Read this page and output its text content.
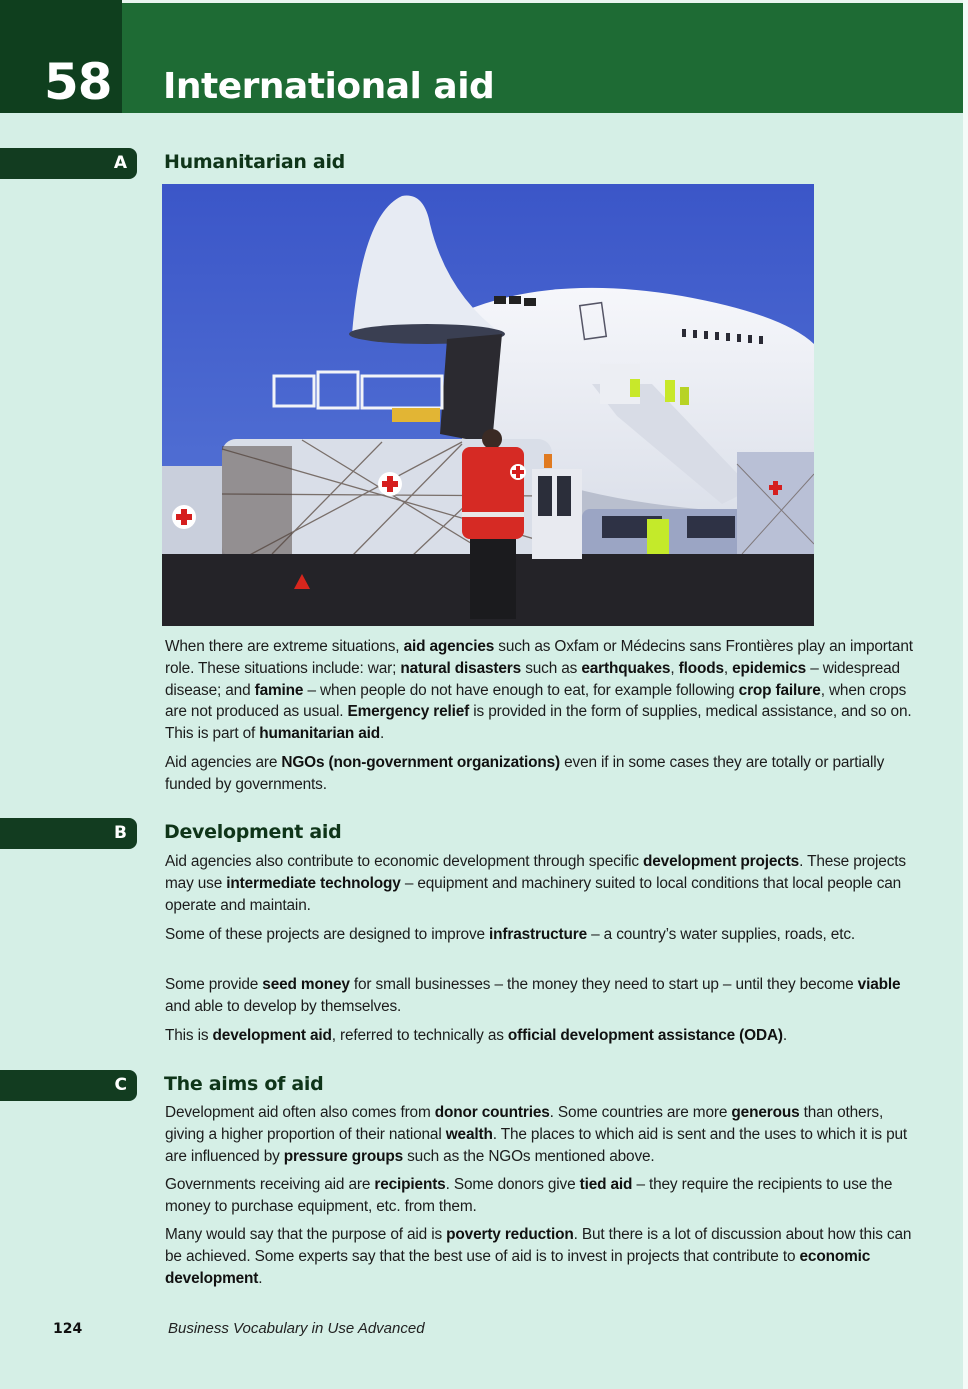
58 International aid
A Humanitarian aid
When there are extreme situations, aid agencies such as Oxfam or Médecins sans Frontières play an important role. These situations include: war; natural disasters such as earthquakes, floods, epidemics – widespread disease; and famine – when people do not have enough to eat, for example following crop failure, when crops are not produced as usual. Emergency relief is provided in the form of supplies, medical assistance, and so on. This is part of humanitarian aid.
Aid agencies are NGOs (non-government organizations) even if in some cases they are totally or partially funded by governments.
B Development aid
Aid agencies also contribute to economic development through specific development projects. These projects may use intermediate technology – equipment and machinery suited to local conditions that local people can operate and maintain.
Some of these projects are designed to improve infrastructure – a country’s water supplies, roads, etc.
Some provide seed money for small businesses – the money they need to start up – until they become viable and able to develop by themselves.
This is development aid, referred to technically as official development assistance (ODA).
C The aims of aid
Development aid often also comes from donor countries. Some countries are more generous than others, giving a higher proportion of their national wealth. The places to which aid is sent and the uses to which it is put are influenced by pressure groups such as the NGOs mentioned above.
Governments receiving aid are recipients. Some donors give tied aid – they require the recipients to use the money to purchase equipment, etc. from them.
Many would say that the purpose of aid is poverty reduction. But there is a lot of discussion about how this can be achieved. Some experts say that the best use of aid is to invest in projects that contribute to economic development.
124	Business Vocabulary in Use Advanced
